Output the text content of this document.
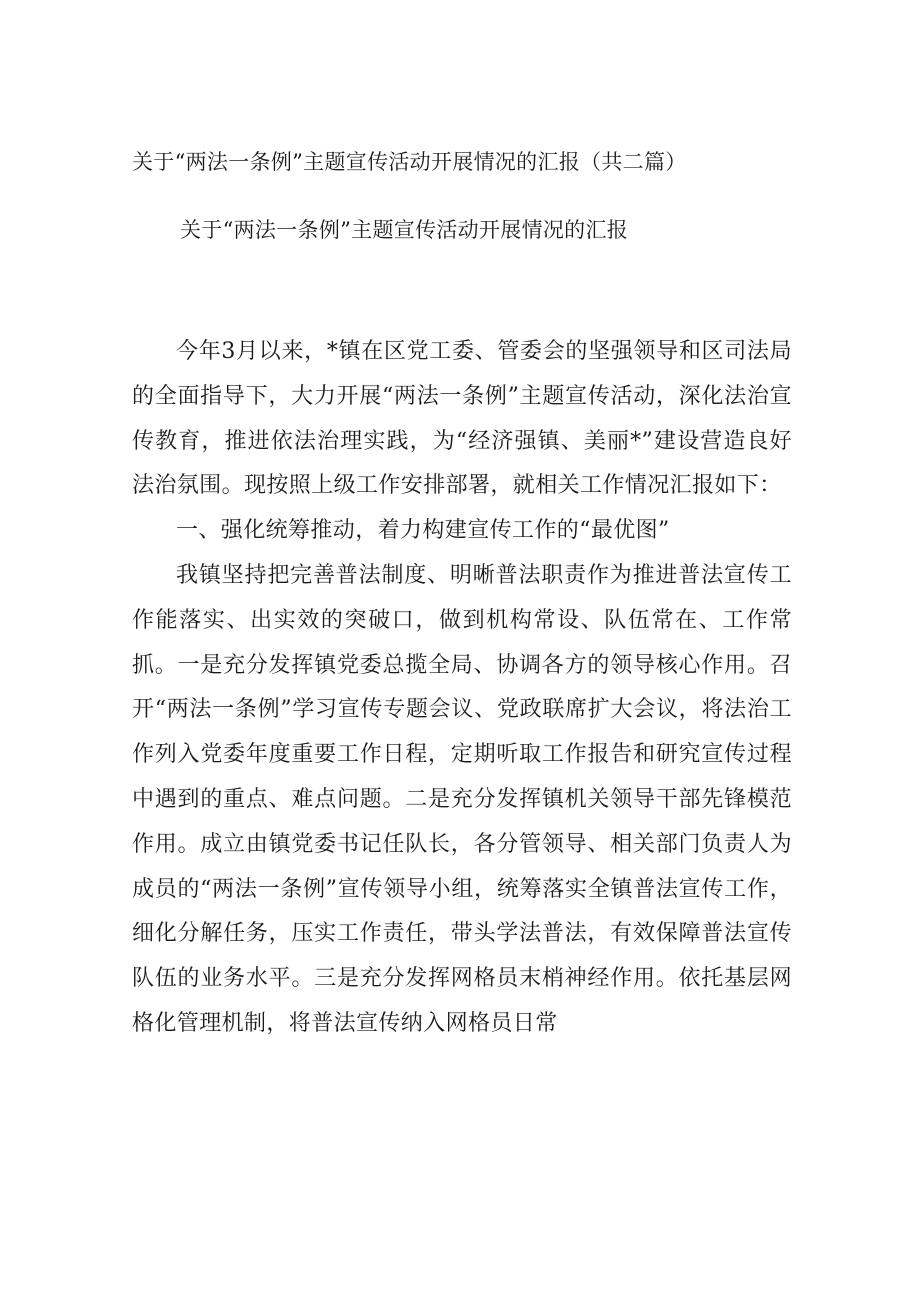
关于“两法一条例”主题宣传活动开展情况的汇报（共二篇）
关于“两法一条例”主题宣传活动开展情况的汇报

今年3月以来，*镇在区党工委、管委会的坚强领导和区司法局的全面指导下，大力开展“两法一条例”主题宣传活动，深化法治宣传教育，推进依法治理实践，为“经济强镇、美丽*”建设营造良好法治氛围。现按照上级工作安排部署，就相关工作情况汇报如下：

一、强化统筹推动，着力构建宣传工作的“最优图”

我镇坚持把完善普法制度、明晰普法职责作为推进普法宣传工作能落实、出实效的突破口，做到机构常设、队伍常在、工作常抓。一是充分发挥镇党委总揽全局、协调各方的领导核心作用。召开“两法一条例”学习宣传专题会议、党政联席扩大会议，将法治工作列入党委年度重要工作日程，定期听取工作报告和研究宣传过程中遇到的重点、难点问题。二是充分发挥镇机关领导干部先锋模范作用。成立由镇党委书记任队长，各分管领导、相关部门负责人为成员的“两法一条例”宣传领导小组，统筹落实全镇普法宣传工作，细化分解任务，压实工作责任，带头学法普法，有效保障普法宣传队伍的业务水平。三是充分发挥网格员末梢神经作用。依托基层网格化管理机制，将普法宣传纳入网格员日常
